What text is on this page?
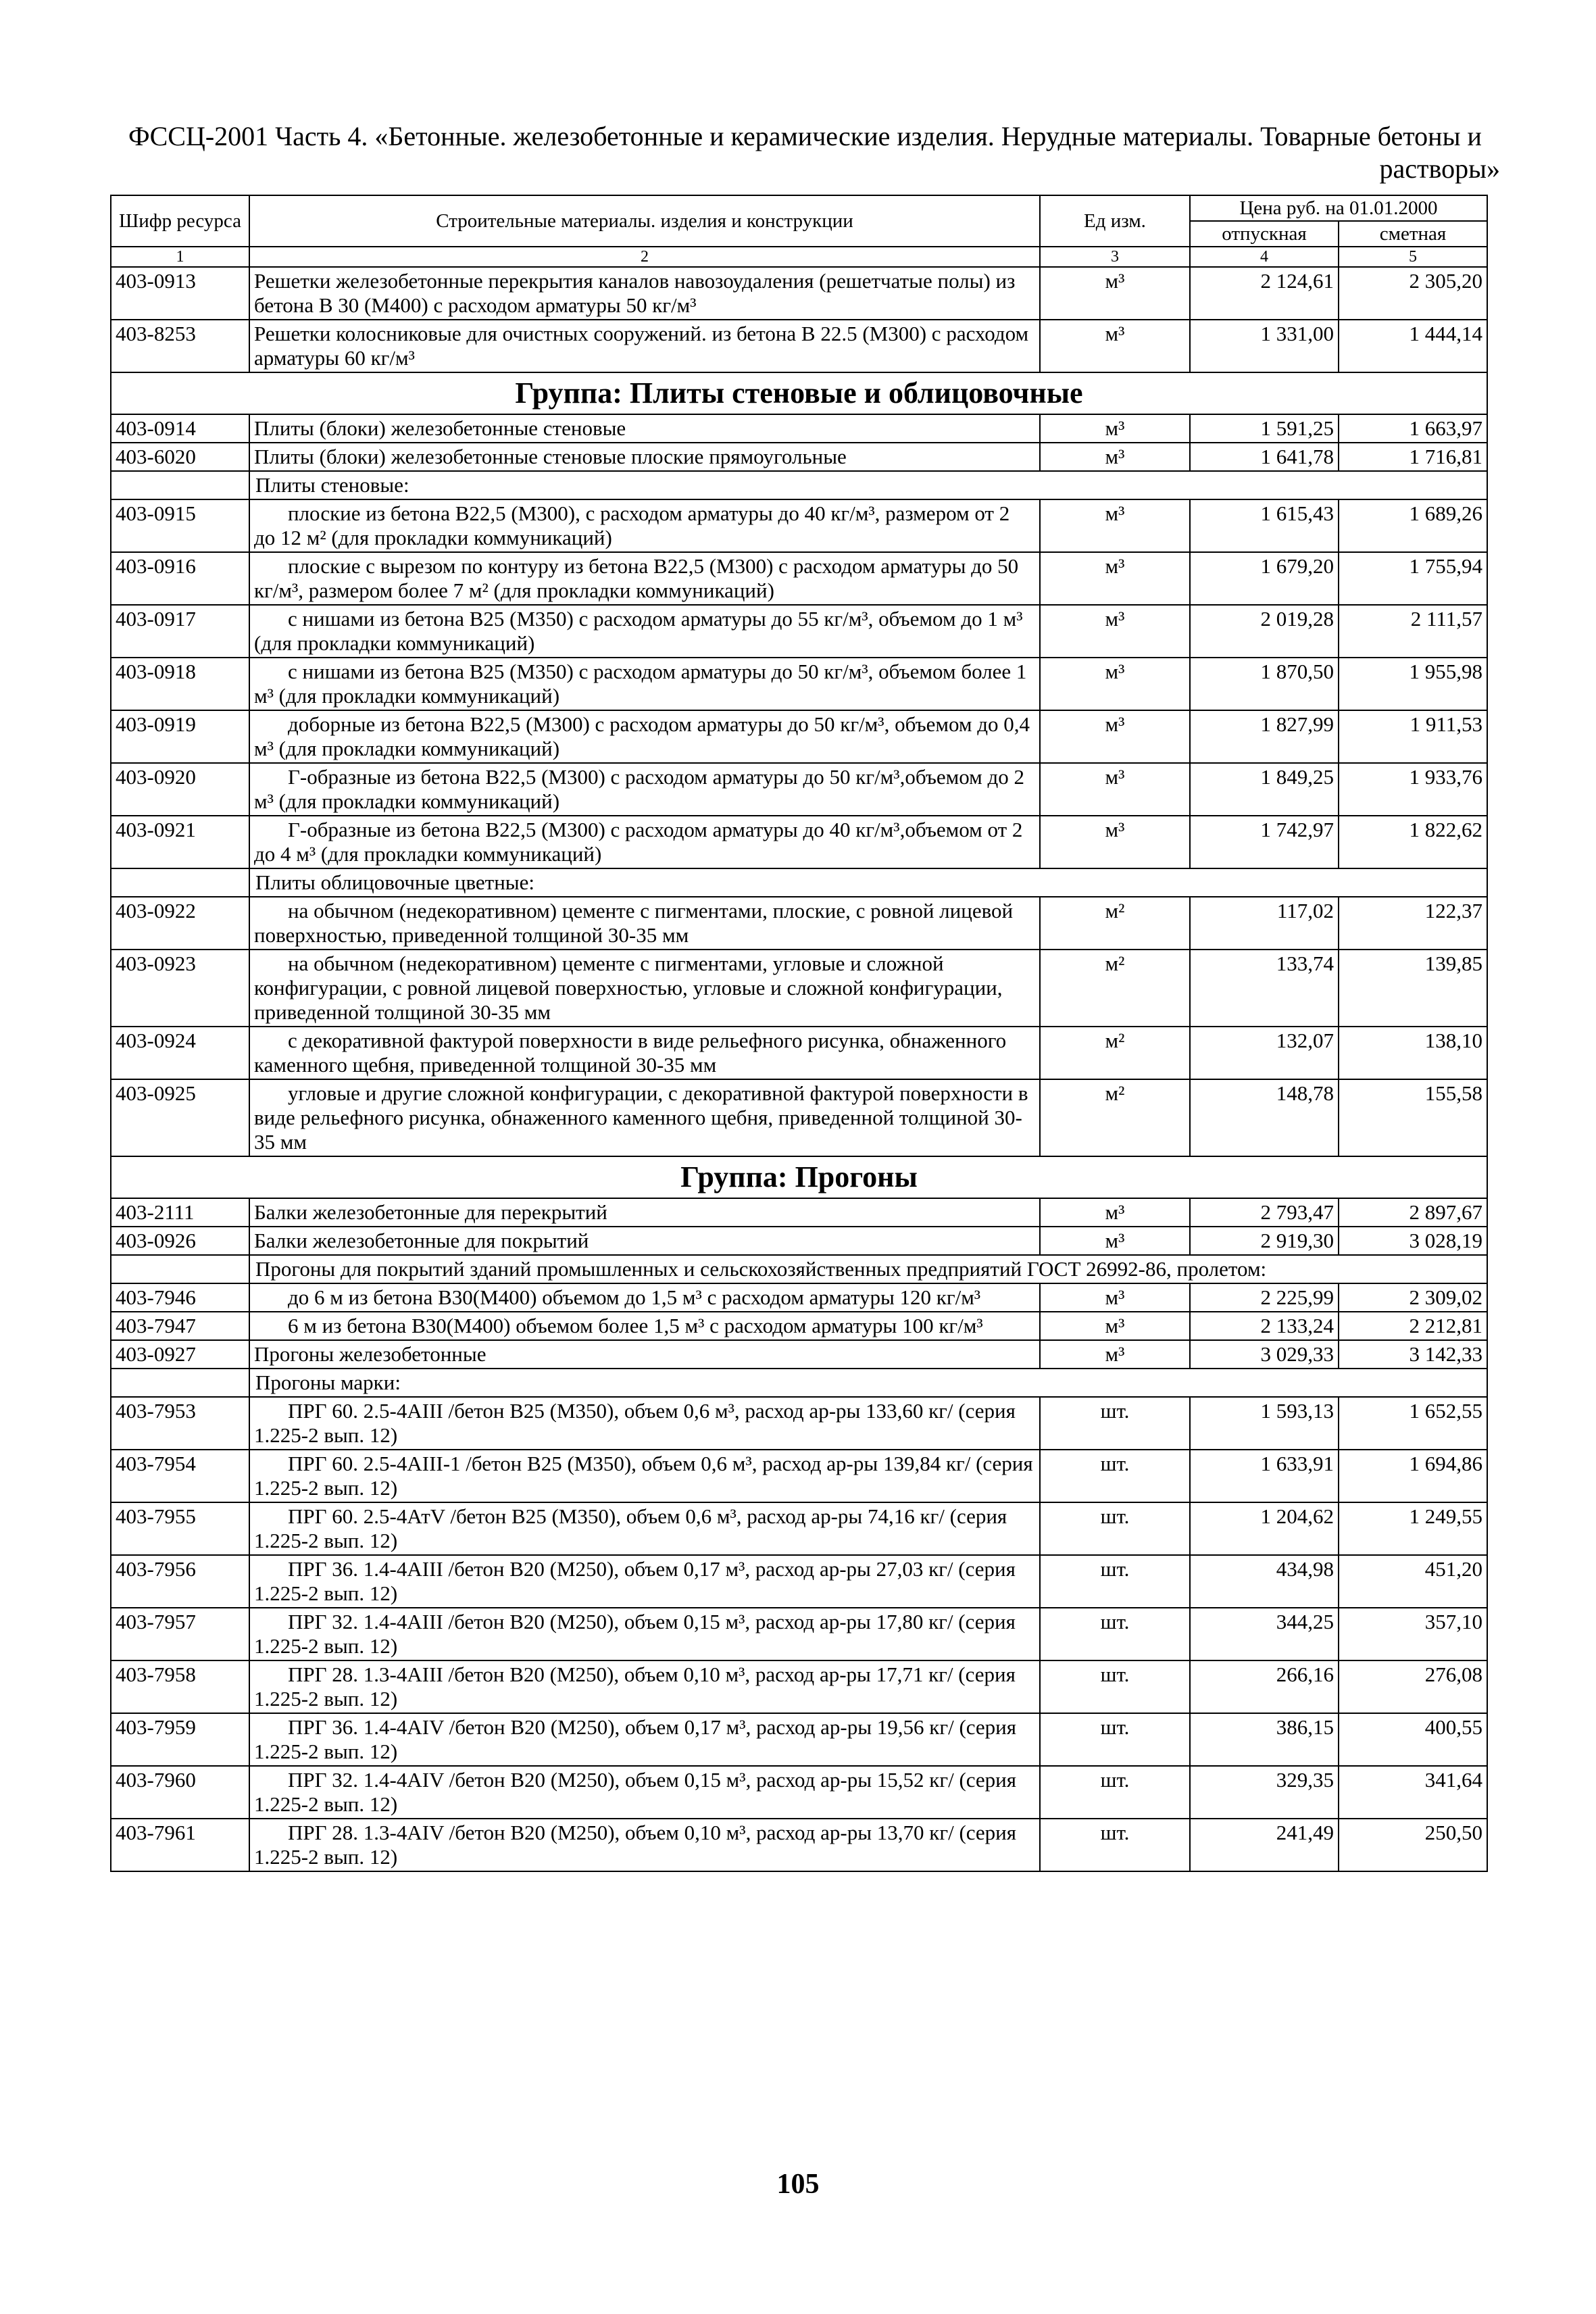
ФССЦ-2001 Часть 4. «Бетонные. железобетонные и керамические изделия. Нерудные материалы. Товарные бетоны и
растворы»
Шифр ресурса	Строительные материалы. изделия и конструкции	Ед изм.	Цена руб. на 01.01.2000	
			отпускная	сметная
1	2	3	4	5
403-0913	Решетки железобетонные перекрытия каналов навозоудаления (решетчатые полы) из бетона В 30 (М400) с расходом арматуры 50 кг/м³	м³	2 124,61	2 305,20
403-8253	Решетки колосниковые для очистных сооружений. из бетона В 22.5 (М300) с расходом арматуры 60 кг/м³	м³	1 331,00	1 444,14
Группа: Плиты стеновые и облицовочные				
403-0914	Плиты (блоки) железобетонные стеновые	м³	1 591,25	1 663,97
403-6020	Плиты (блоки) железобетонные стеновые плоские прямоугольные	м³	1 641,78	1 716,81
	Плиты стеновые:			
403-0915	плоские из бетона В22,5 (М300), с расходом арматуры до 40 кг/м³, размером от 2 до 12 м² (для прокладки коммуникаций)	м³	1 615,43	1 689,26
403-0916	плоские с вырезом по контуру из бетона В22,5 (М300) с расходом арматуры до 50 кг/м³, размером более 7 м² (для прокладки коммуникаций)	м³	1 679,20	1 755,94
403-0917	с нишами из бетона В25 (М350) с расходом арматуры до 55 кг/м³, объемом до 1 м³ (для прокладки коммуникаций)	м³	2 019,28	2 111,57
403-0918	с нишами из бетона В25 (М350) с расходом арматуры до 50 кг/м³, объемом более 1 м³ (для прокладки коммуникаций)	м³	1 870,50	1 955,98
403-0919	доборные из бетона В22,5 (М300) с расходом арматуры до 50 кг/м³, объемом до 0,4 м³ (для прокладки коммуникаций)	м³	1 827,99	1 911,53
403-0920	Г-образные из бетона В22,5 (М300) с расходом арматуры до 50 кг/м³,объемом до 2 м³ (для прокладки коммуникаций)	м³	1 849,25	1 933,76
403-0921	Г-образные из бетона В22,5 (М300) с расходом арматуры до 40 кг/м³,объемом от 2 до 4 м³ (для прокладки коммуникаций)	м³	1 742,97	1 822,62
	Плиты облицовочные цветные:			
403-0922	на обычном (недекоративном) цементе с пигментами, плоские, с ровной лицевой поверхностью, приведенной толщиной 30-35 мм	м²	117,02	122,37
403-0923	на обычном (недекоративном) цементе с пигментами, угловые и сложной конфигурации, с ровной лицевой поверхностью, угловые и сложной конфигурации, приведенной толщиной 30-35 мм	м²	133,74	139,85
403-0924	с декоративной фактурой поверхности в виде рельефного рисунка, обнаженного каменного щебня, приведенной толщиной 30-35 мм	м²	132,07	138,10
403-0925	угловые и другие сложной конфигурации, с декоративной фактурой поверхности в виде рельефного рисунка, обнаженного каменного щебня, приведенной толщиной 30-35 мм	м²	148,78	155,58
Группа: Прогоны				
403-2111	Балки железобетонные для перекрытий	м³	2 793,47	2 897,67
403-0926	Балки железобетонные для покрытий	м³	2 919,30	3 028,19
	Прогоны для покрытий зданий промышленных и сельскохозяйственных предприятий ГОСТ 26992-86, пролетом:			
403-7946	до 6 м из бетона В30(М400) объемом до 1,5 м³ с расходом арматуры 120 кг/м³	м³	2 225,99	2 309,02
403-7947	6 м из бетона В30(М400) объемом более 1,5 м³ с расходом арматуры 100 кг/м³	м³	2 133,24	2 212,81
403-0927	Прогоны железобетонные	м³	3 029,33	3 142,33
	Прогоны марки:			
403-7953	ПРГ 60. 2.5-4АIII /бетон В25 (М350), объем 0,6 м³, расход ар-ры 133,60 кг/ (серия 1.225-2 вып. 12)	шт.	1 593,13	1 652,55
403-7954	ПРГ 60. 2.5-4АIII-1 /бетон В25 (М350), объем 0,6 м³, расход ар-ры 139,84 кг/ (серия 1.225-2 вып. 12)	шт.	1 633,91	1 694,86
403-7955	ПРГ 60. 2.5-4АтV /бетон В25 (М350), объем 0,6 м³, расход ар-ры 74,16 кг/ (серия 1.225-2 вып. 12)	шт.	1 204,62	1 249,55
403-7956	ПРГ 36. 1.4-4АIII /бетон В20 (М250), объем 0,17 м³, расход ар-ры 27,03 кг/ (серия 1.225-2 вып. 12)	шт.	434,98	451,20
403-7957	ПРГ 32. 1.4-4АIII /бетон В20 (М250), объем 0,15 м³, расход ар-ры 17,80 кг/ (серия 1.225-2 вып. 12)	шт.	344,25	357,10
403-7958	ПРГ 28. 1.3-4АIII /бетон В20 (М250), объем 0,10 м³, расход ар-ры 17,71 кг/ (серия 1.225-2 вып. 12)	шт.	266,16	276,08
403-7959	ПРГ 36. 1.4-4АIV /бетон В20 (М250), объем 0,17 м³, расход ар-ры 19,56 кг/ (серия 1.225-2 вып. 12)	шт.	386,15	400,55
403-7960	ПРГ 32. 1.4-4АIV /бетон В20 (М250), объем 0,15 м³, расход ар-ры 15,52 кг/ (серия 1.225-2 вып. 12)	шт.	329,35	341,64
403-7961	ПРГ 28. 1.3-4АIV /бетон В20 (М250), объем 0,10 м³, расход ар-ры 13,70 кг/ (серия 1.225-2 вып. 12)	шт.	241,49	250,50
105
